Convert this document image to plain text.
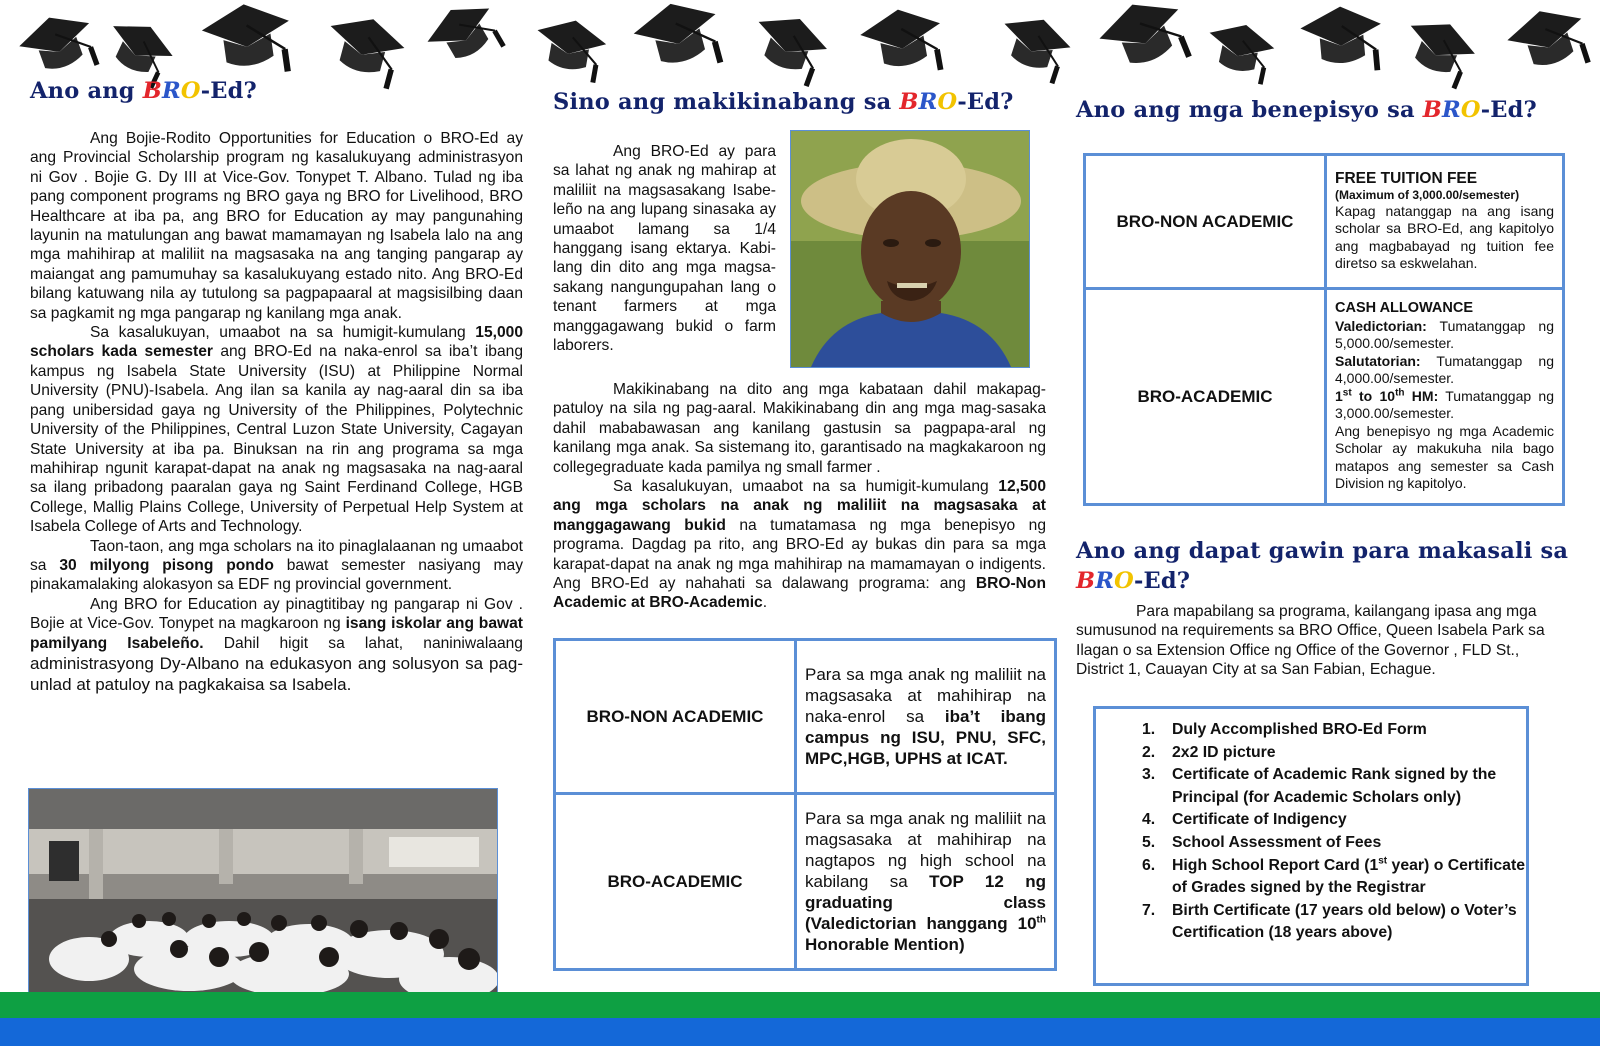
Ano ang BRO-Ed?

Ang Bojie-Rodito Opportunities for Education o BRO-Ed ay ang Provincial Scholarship program ng kasalukuyang administrasyon ni Gov . Bojie G. Dy III at Vice-Gov. Tonypet T. Albano. Tulad ng iba pang component programs ng BRO gaya ng BRO for Livelihood, BRO Healthcare at iba pa, ang BRO for Education ay may pangunahing layunin na matulungan ang bawat mamamayan ng Isabela lalo na ang mga mahihirap at maliliit na magsasaka na ang tanging pangarap ay maiangat ang pamumuhay sa kasalukuyang estado nito. Ang BRO-Ed bilang katuwang nila ay tutulong sa pagpapaaral at magsisilbing daan sa pagkamit ng mga pangarap ng kanilang mga anak.

Sa kasalukuyan, umaabot na sa humigit-kumulang 15,000 scholars kada semester ang BRO-Ed na naka-enrol sa iba’t ibang kampus ng Isabela State University (ISU) at Philippine Normal University (PNU)-Isabela. Ang ilan sa kanila ay nag-aaral din sa iba pang unibersidad gaya ng University of the Philippines, Polytechnic University of the Philippines, Central Luzon State University, Cagayan State University at iba pa. Binuksan na rin ang programa sa mga mahihirap ngunit karapat-dapat na anak ng magsasaka na nag-aaral sa ilang pribadong paaralan gaya ng Saint Ferdinand College, HGB College, Mallig Plains College, University of Perpetual Help System at Isabela College of Arts and Technology.

Taon-taon, ang mga scholars na ito pinaglalaanan ng umaabot sa 30 milyong pisong pondo bawat semester nasiyang may pinakamalaking alokasyon sa EDF ng provincial government.

Ang BRO for Education ay pinagtitibay ng pangarap ni Gov . Bojie at Vice-Gov. Tonypet na magkaroon ng isang iskolar ang bawat pamilyang Isabeleño. Dahil higit sa lahat, naniniwalaang administrasyong Dy-Albano na edukasyon ang solusyon sa pag-unlad at patuloy na pagkakaisa sa Isabela.

Sino ang makikinabang sa BRO-Ed?

Ang BRO-Ed ay para sa lahat ng anak ng mahirap at maliliit na magsasakang Isabe-leño na ang lupang sinasaka ay umaabot lamang sa 1/4 hanggang isang ektarya. Kabi-lang din dito ang mga magsa-sakang nangungupahan lang o tenant farmers at mga manggagawang bukid o farm laborers.

Makikinabang na dito ang mga kabataan dahil makapag-patuloy na sila ng pag-aaral. Makikinabang din ang mga mag-sasaka dahil mababawasan ang kanilang gastusin sa pagpapa-aral ng kanilang mga anak. Sa sistemang ito, garantisado na magkakaroon ng collegegraduate kada pamilya ng small farmer .

Sa kasalukuyan, umaabot na sa humigit-kumulang 12,500 ang mga scholars na anak ng maliliit na magsasaka at manggagawang bukid na tumatamasa ng mga benepisyo ng programa. Dagdag pa rito, ang BRO-Ed ay bukas din para sa mga karapat-dapat na anak ng mga mahihirap na mamamayan o indigents. Ang BRO-Ed ay nahahati sa dalawang programa: ang BRO-Non Academic at BRO-Academic.

BRO-NON ACADEMIC	Para sa mga anak ng maliliit na magsasaka at mahihirap na naka-enrol sa iba’t ibang campus ng ISU, PNU, SFC, MPC,HGB, UPHS at ICAT.
BRO-ACADEMIC	Para sa mga anak ng maliliit na magsasaka at mahihirap na nagtapos ng high school na kabilang sa TOP 12 ng graduating class (Valedictorian hanggang 10th Honorable Mention)
Ano ang mga benepisyo sa BRO-Ed?
BRO-NON ACADEMIC	FREE TUITION FEE
(Maximum of 3,000.00/semester)
Kapag natanggap na ang isang scholar sa BRO-Ed, ang kapitolyo ang magbabayad ng tuition fee diretso sa eskwelahan.

BRO-ACADEMIC	CASH ALLOWANCE
Valedictorian: Tumatanggap ng 5,000.00/semester.
Salutatorian: Tumatanggap ng 4,000.00/semester.
1st to 10th HM: Tumatanggap ng 3,000.00/semester.
Ang benepisyo ng mga Academic Scholar ay makukuha nila bago matapos ang semester sa Cash Division ng kapitolyo.
Ano ang dapat gawin para makasali sa
BRO-Ed?

Para mapabilang sa programa, kailangang ipasa ang mga sumusunod na requirements sa BRO Office, Queen Isabela Park sa Ilagan o sa Extension Office ng Office of the Governor , FLD St., District 1, Cauayan City at sa San Fabian, Echague.

1. Duly Accomplished BRO-Ed Form
2. 2x2 ID picture
3. Certificate of Academic Rank signed by the Principal (for Academic Scholars only)
4. Certificate of Indigency
5. School Assessment of Fees
6. High School Report Card (1st year) o Certificate of Grades signed by the Registrar
7. Birth Certificate (17 years old below) o Voter’s Certification (18 years above)
